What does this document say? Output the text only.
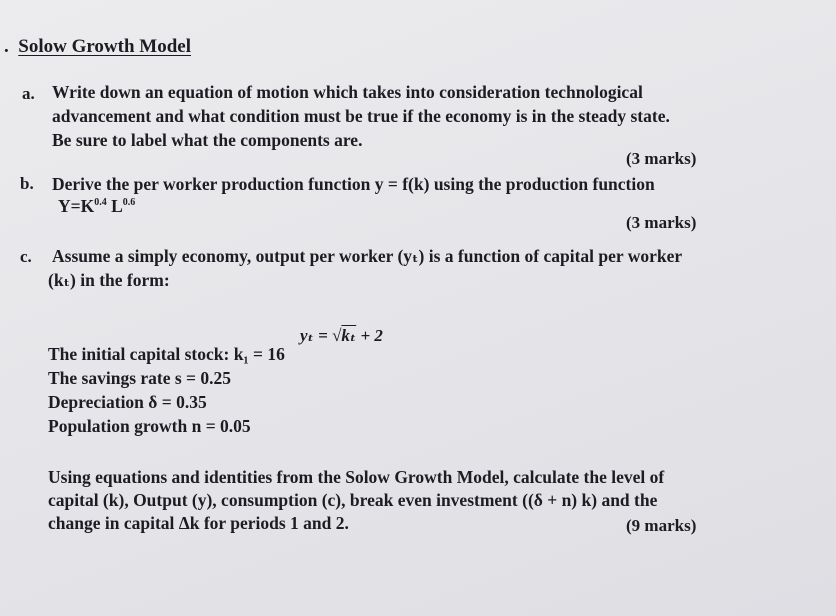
. Solow Growth Model
a. Write down an equation of motion which takes into consideration technological
advancement and what condition must be true if the economy is in the steady state.
Be sure to label what the components are.
(3 marks)
b. Derive the per worker production function y = f(k) using the production function
$Y=K^{0.4}$ $L^{0.6}$
(3 marks)
c. Assume a simply economy, output per worker (yₜ) is a function of capital per worker
(kₜ) in the form:
yₜ = √kₜ + 2
The initial capital stock: k₁ = 16
The savings rate s = 0.25
Depreciation δ = 0.35
Population growth n = 0.05
Using equations and identities from the Solow Growth Model, calculate the level of
capital (k), Output (y), consumption (c), break even investment ((δ + n) k) and the
change in capital Δk for periods 1 and 2.	(9 marks)
